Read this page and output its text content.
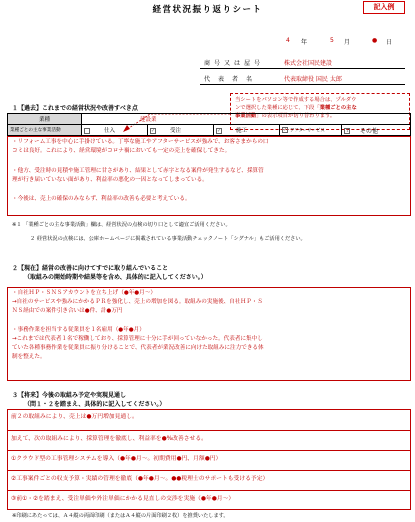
経営状況振り返りシート	記入例
4 年	5 月	● 日
商号又は屋号	株式会社国民建設
代表者名	代表取締役 国民 太郎
当シートをパソコン等で作成する場合は、プルダウ
ンで選択した業種に応じて、下段「業種ごとの主な
事業活動」の表示項目が切り替わります。
１【過去】これまでの経営状況や改善すべき点
業種	建設業				
業種ごとの主な事業活動	仕入	✓ 受注	✓ 施工	✓ アフターサービス	１ その他
・リフォーム工事を中心に手掛けている。丁寧な施工やアフターサービスが強みで、お客さまからの口
コミは良好。これにより、経営環境がコロナ禍においても一定の売上を確保してきた。
・他方、受注時の見積や施工管理に甘さがあり、結果として赤字となる案件が発生するなど、採算管
理が行き届いていない面があり、利益率の悪化の一因となってしまっている。
・今後は、売上の確保のみならず、利益率の改善も必要と考えている。
※１ 「業種ごとの主な事業活動」欄は、経営状況の点検の切り口として適宜ご活用ください。
２ 経営状況の点検には、公庫ホームページに掲載されている事業活動チェックノート「シグナル」もご活用ください。
２【現在】経営の改善に向けてすでに取り組んでいること
（取組みの開始時期や結果等を含め、具体的に記入してください。）
・自社ＨＰ・ＳＮＳアカウントを立ち上げ（●年●月〜）
→自社のサービスや強みにかかるＰＲを強化し、売上の増加を図る。取組みの実施後、自社ＨＰ・Ｓ
ＮＳ経由での案件引き合いは●件、計●万円
・事務作業を担当する従業員を１名雇用（●年●月）
→これまでは代表者１名で稼働しており、採算管理に十分に手が回っていなかった。代表者に集中し
ていた各種事務作業を従業員に振り分けることで、代表者が業況改善に向けた取組みに注力できる体
制を整えた。
３【将来】今後の取組み予定や実現見通し
（問１・２を踏まえ、具体的に記入してください。）
前２の取組みにより、売上は●万円増加見通し。
加えて、次の取組みにより、採算管理を徹底し、利益率を●%改善させる。
①クラウド型の工事管理システムを導入（●年●月〜。初期費用●円、月額●円）
②工事案件ごとの収支予算・実績の管理を徹底（●年●月〜。●●税理士のサポートも受ける予定）
③前①・②を踏まえ、受注単価や外注単価にかかる見直しの交渉を実施（●年●月〜）
※印刷にあたっては、Ａ４縦の両面印刷（またはＡ４縦の片面印刷２枚）を推奨いたします。
